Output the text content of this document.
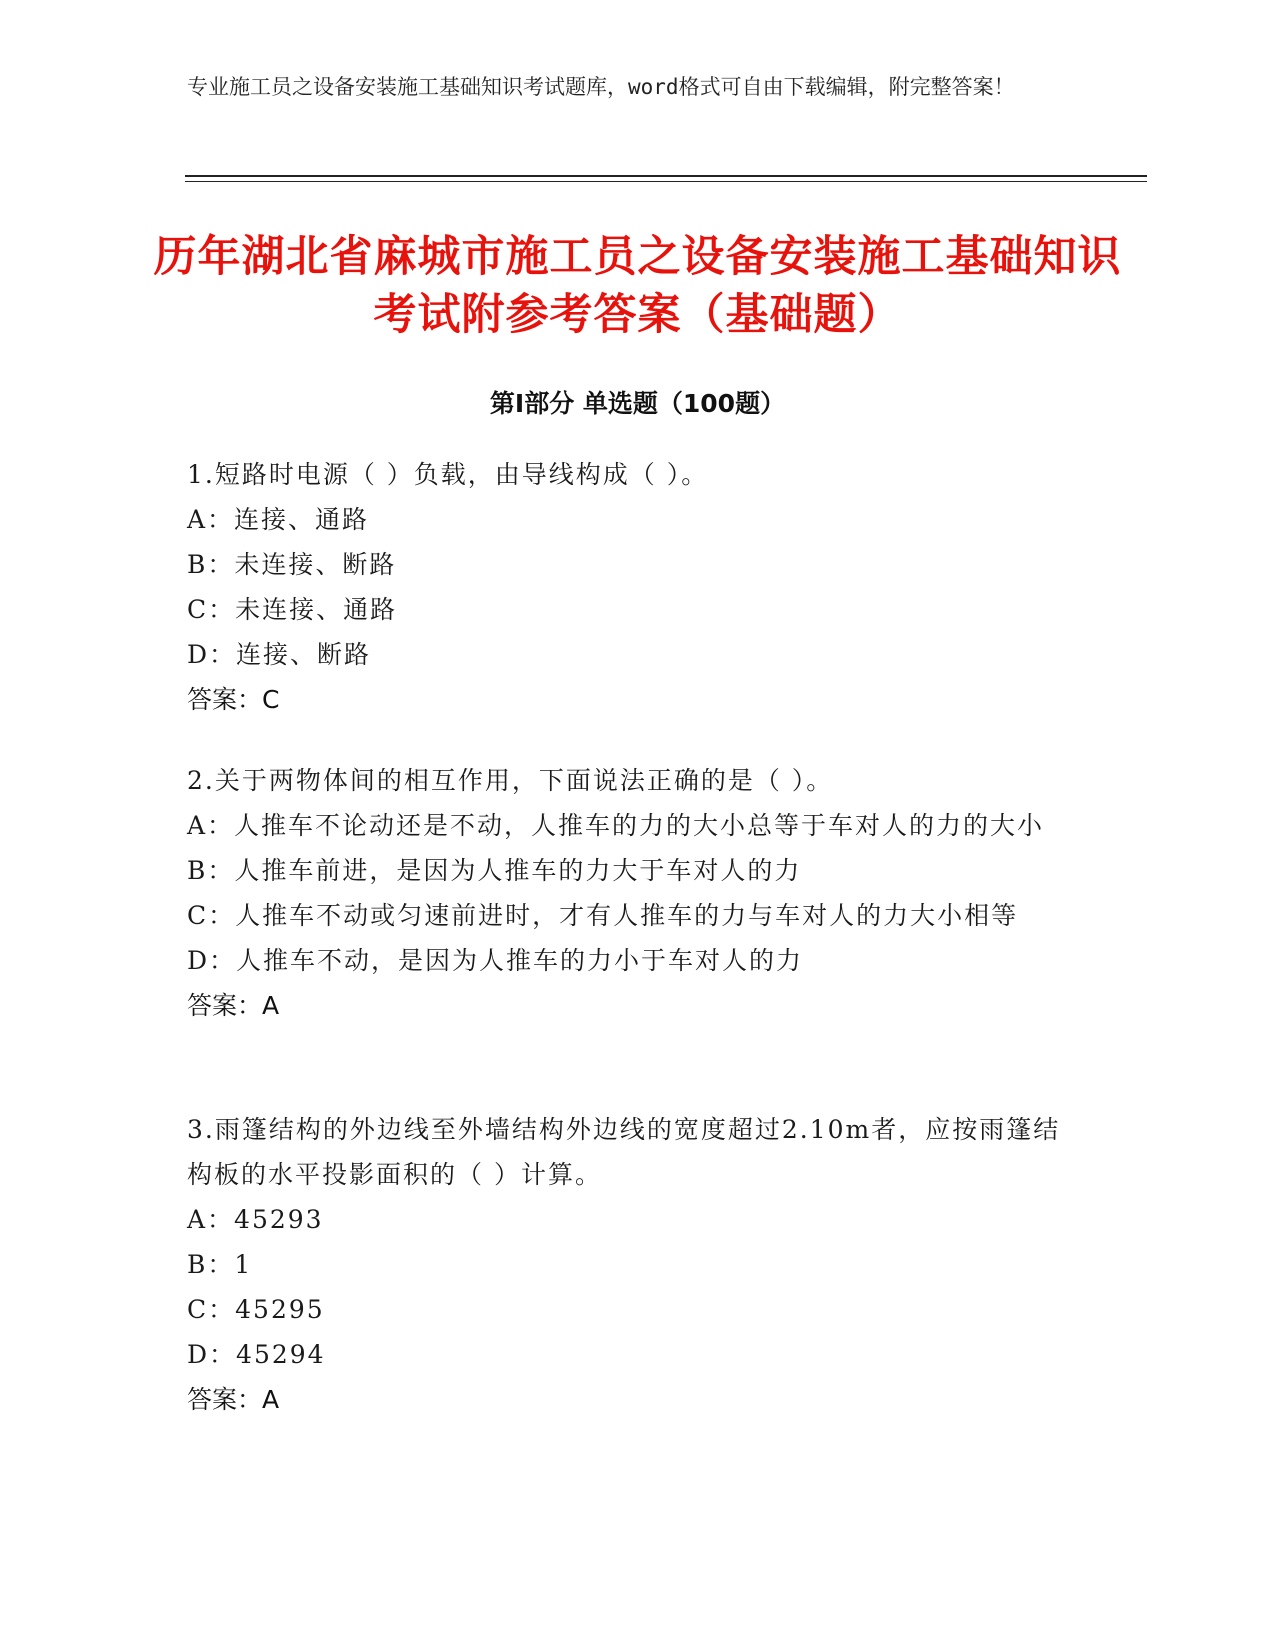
专业施工员之设备安装施工基础知识考试题库，word格式可自由下载编辑，附完整答案！
历年湖北省麻城市施工员之设备安装施工基础知识考试附参考答案（基础题）
第Ⅰ部分 单选题（100题）
1.短路时电源（ ）负载，由导线构成（ ）。
A：连接、通路
B：未连接、断路
C：未连接、通路
D：连接、断路
答案：C
2.关于两物体间的相互作用，下面说法正确的是（ ）。
A：人推车不论动还是不动，人推车的力的大小总等于车对人的力的大小
B：人推车前进，是因为人推车的力大于车对人的力
C：人推车不动或匀速前进时，才有人推车的力与车对人的力大小相等
D：人推车不动，是因为人推车的力小于车对人的力
答案：A
3.雨篷结构的外边线至外墙结构外边线的宽度超过2.10m者，应按雨篷结构板的水平投影面积的（ ）计算。
A：45293
B：1
C：45295
D：45294
答案：A
